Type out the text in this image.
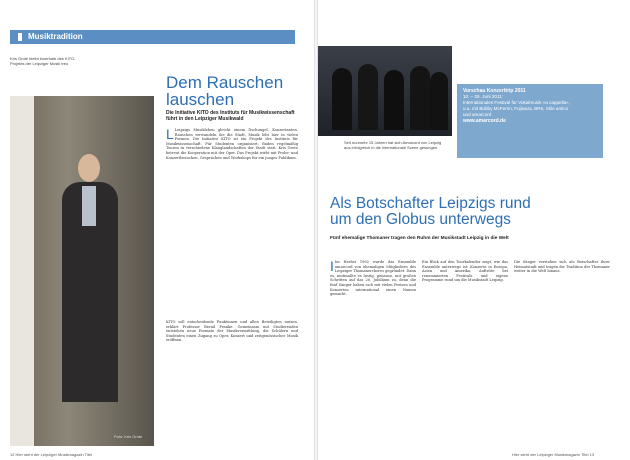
Musiktradition
Kris Grote bleibt innerhalb des KITO-Projekts der Leipziger Musik treu
Foto: Kris Grote
Dem Rauschen lauschen
Die Initiative KITO des Instituts für Musikwissenschaft führt in den Leipziger Musikwald
L Leipzigs Musikleben gleicht einem Dschungel. Konzertanten, Rauschen verwandeln Sie die Stadt, Musik lebt hier in vielen Formen. Die Initiative KITO ist ein Projekt des Instituts für Musikwissenschaft. Für Studenten organisiert, finden regelmäßig Touren in verschiedene Klanglandschaften der Stadt statt. Kris Grote betreut die Kooperation mit der Oper. Das Projekt wirbt mit Probe- und Konzertbesuchen, Gesprächen und Workshops für ein junges Publikum.
KITO soll entscheidende Funktionen und allen Beteiligten nutzen, erklärt Professor Bernd Franke. Gemeinsam mit Studierenden entstehen neue Formate der Musikvermittlung, die Schülern und Studenten einen Zugang zu Oper, Konzert und zeitgenössischer Musik eröffnen.
12 Hier steht der Leipziger Musikmagazin Titel
Seit nunmehr 15 Jahren hat sich Amarcord von Leipzig aus erfolgreich in die internationale Szene gesungen
Vorschau Konzerttrip 2011
10. – 26. Juni 2011:
Internationales Festival für Vokalmusik »a cappella«,
u.a. mit Bobby McFerrin, Fujiwara, BR6, Stile antico
und amarcord
www.amarcord.de
Als Botschafter Leipzigs rund
um den Globus unterwegs
Fünf ehemalige Thomaner tragen den Ruhm der Musikstadt Leipzig in die Welt
I Im Herbst 1992 wurde das Ensemble amarcord von ehemaligen Mitgliedern des Leipziger Thomanerchores gegründet. Dann es, mutmaßte es lustig, genauso, mit großen Schritten auf das 20. Jubiläum zu, denn die fünf Sänger haben sich mit vielen Preisen und Konzerten international einen Namen gemacht.
Ein Blick auf den Tourkalender zeigt, wie das Ensemble unterwegs ist: Konzerte in Europa, Asien und Amerika, Auftritte bei renommierten Festivals und eigene Programme rund um die Musikstadt Leipzig.
Die Sänger verstehen sich als Botschafter ihrer Heimatstadt und tragen die Tradition der Thomaner weiter in die Welt hinaus.
Hier steht der Leipziger Musikmagazin Titel 13
